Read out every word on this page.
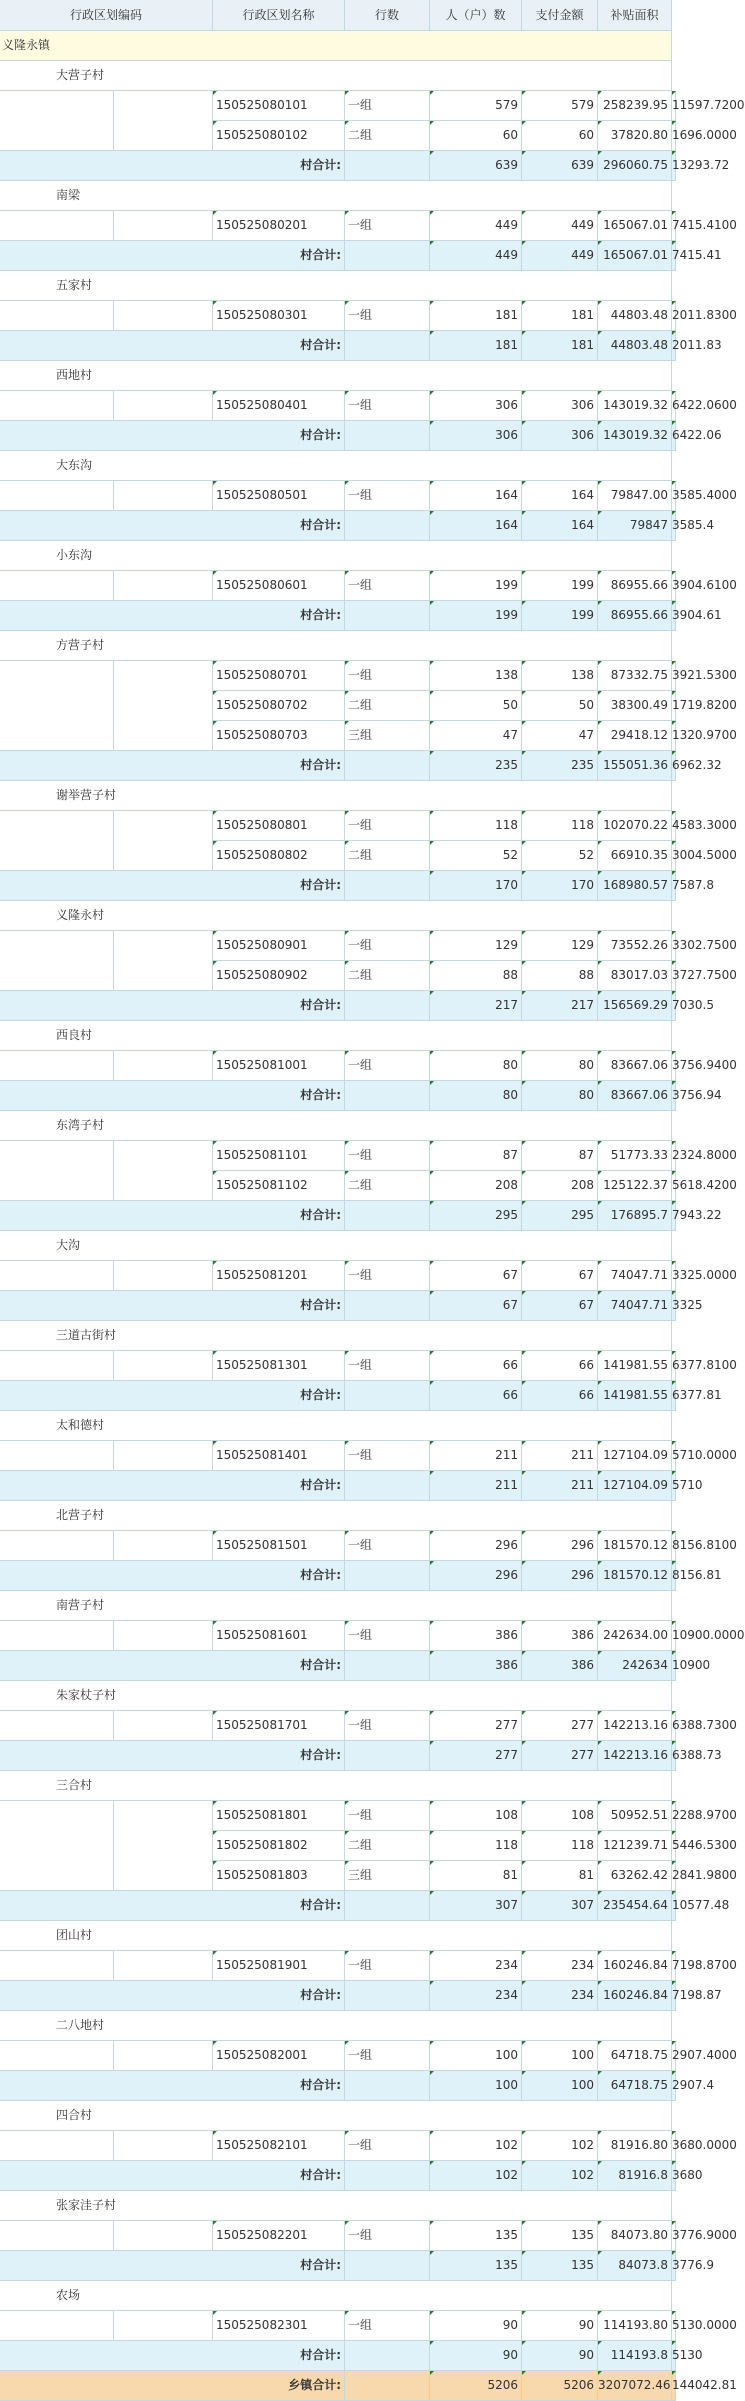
行政区划编码	行政区划名称	行数	人（户）数	支付金额	补贴面积
义隆永镇
大营子村
150525080101	一组	579	579 258239.95 11597.7200
150525080102	二组	60	60	37820.80 1696.0000
村合计:	639	639 296060.75 13293.72
南梁
150525080201	一组	449	449 165067.01 7415.4100
村合计:	449	449 165067.01 7415.41
五家村
150525080301	一组	181	181	44803.48 2011.8300
村合计:	181	181	44803.48 2011.83
西地村
150525080401	一组	306	306 143019.32 6422.0600
村合计:	306	306 143019.32 6422.06
大东沟
150525080501	一组	164	164	79847.00 3585.4000
村合计:	164	164	79847 3585.4
小东沟
150525080601	一组	199	199	86955.66 3904.6100
村合计:	199	199	86955.66 3904.61
方营子村
150525080701	一组	138	138	87332.75 3921.5300
150525080702	二组	50	50	38300.49 1719.8200
150525080703	三组	47	47	29418.12 1320.9700
村合计:	235	235 155051.36 6962.32
谢举营子村
150525080801	一组	118	118 102070.22 4583.3000
150525080802	二组	52	52	66910.35 3004.5000
村合计:	170	170 168980.57 7587.8
义隆永村
150525080901	一组	129	129	73552.26 3302.7500
150525080902	二组	88	88	83017.03 3727.7500
村合计:	217	217 156569.29 7030.5
西良村
150525081001	一组	80	80	83667.06 3756.9400
村合计:	80	80	83667.06 3756.94
东湾子村
150525081101	一组	87	87	51773.33 2324.8000
150525081102	二组	208	208 125122.37 5618.4200
村合计:	295	295	176895.7 7943.22
大沟
150525081201	一组	67	67	74047.71 3325.0000
村合计:	67	67	74047.71 3325
三道古街村
150525081301	一组	66	66 141981.55 6377.8100
村合计:	66	66 141981.55 6377.81
太和德村
150525081401	一组	211	211 127104.09 5710.0000
村合计:	211	211 127104.09 5710
北营子村
150525081501	一组	296	296 181570.12 8156.8100
村合计:	296	296 181570.12 8156.81
南营子村
150525081601	一组	386	386 242634.00 10900.0000
村合计:	386	386	242634 10900
朱家杖子村
150525081701	一组	277	277 142213.16 6388.7300
村合计:	277	277 142213.16 6388.73
三合村
150525081801	一组	108	108	50952.51 2288.9700
150525081802	二组	118	118 121239.71 5446.5300
150525081803	三组	81	81	63262.42 2841.9800
村合计:	307	307 235454.64 10577.48
团山村
150525081901	一组	234	234 160246.84 7198.8700
村合计:	234	234 160246.84 7198.87
二八地村
150525082001	一组	100	100	64718.75 2907.4000
村合计:	100	100	64718.75 2907.4
四合村
150525082101	一组	102	102	81916.80 3680.0000
村合计:	102	102	81916.8 3680
张家洼子村
150525082201	一组	135	135	84073.80 3776.9000
村合计:	135	135	84073.8 3776.9
农场
150525082301	一组	90	90 114193.80 5130.0000
村合计:	90	90	114193.8 5130
乡镇合计:	5206	5206 3207072.46 144042.81
